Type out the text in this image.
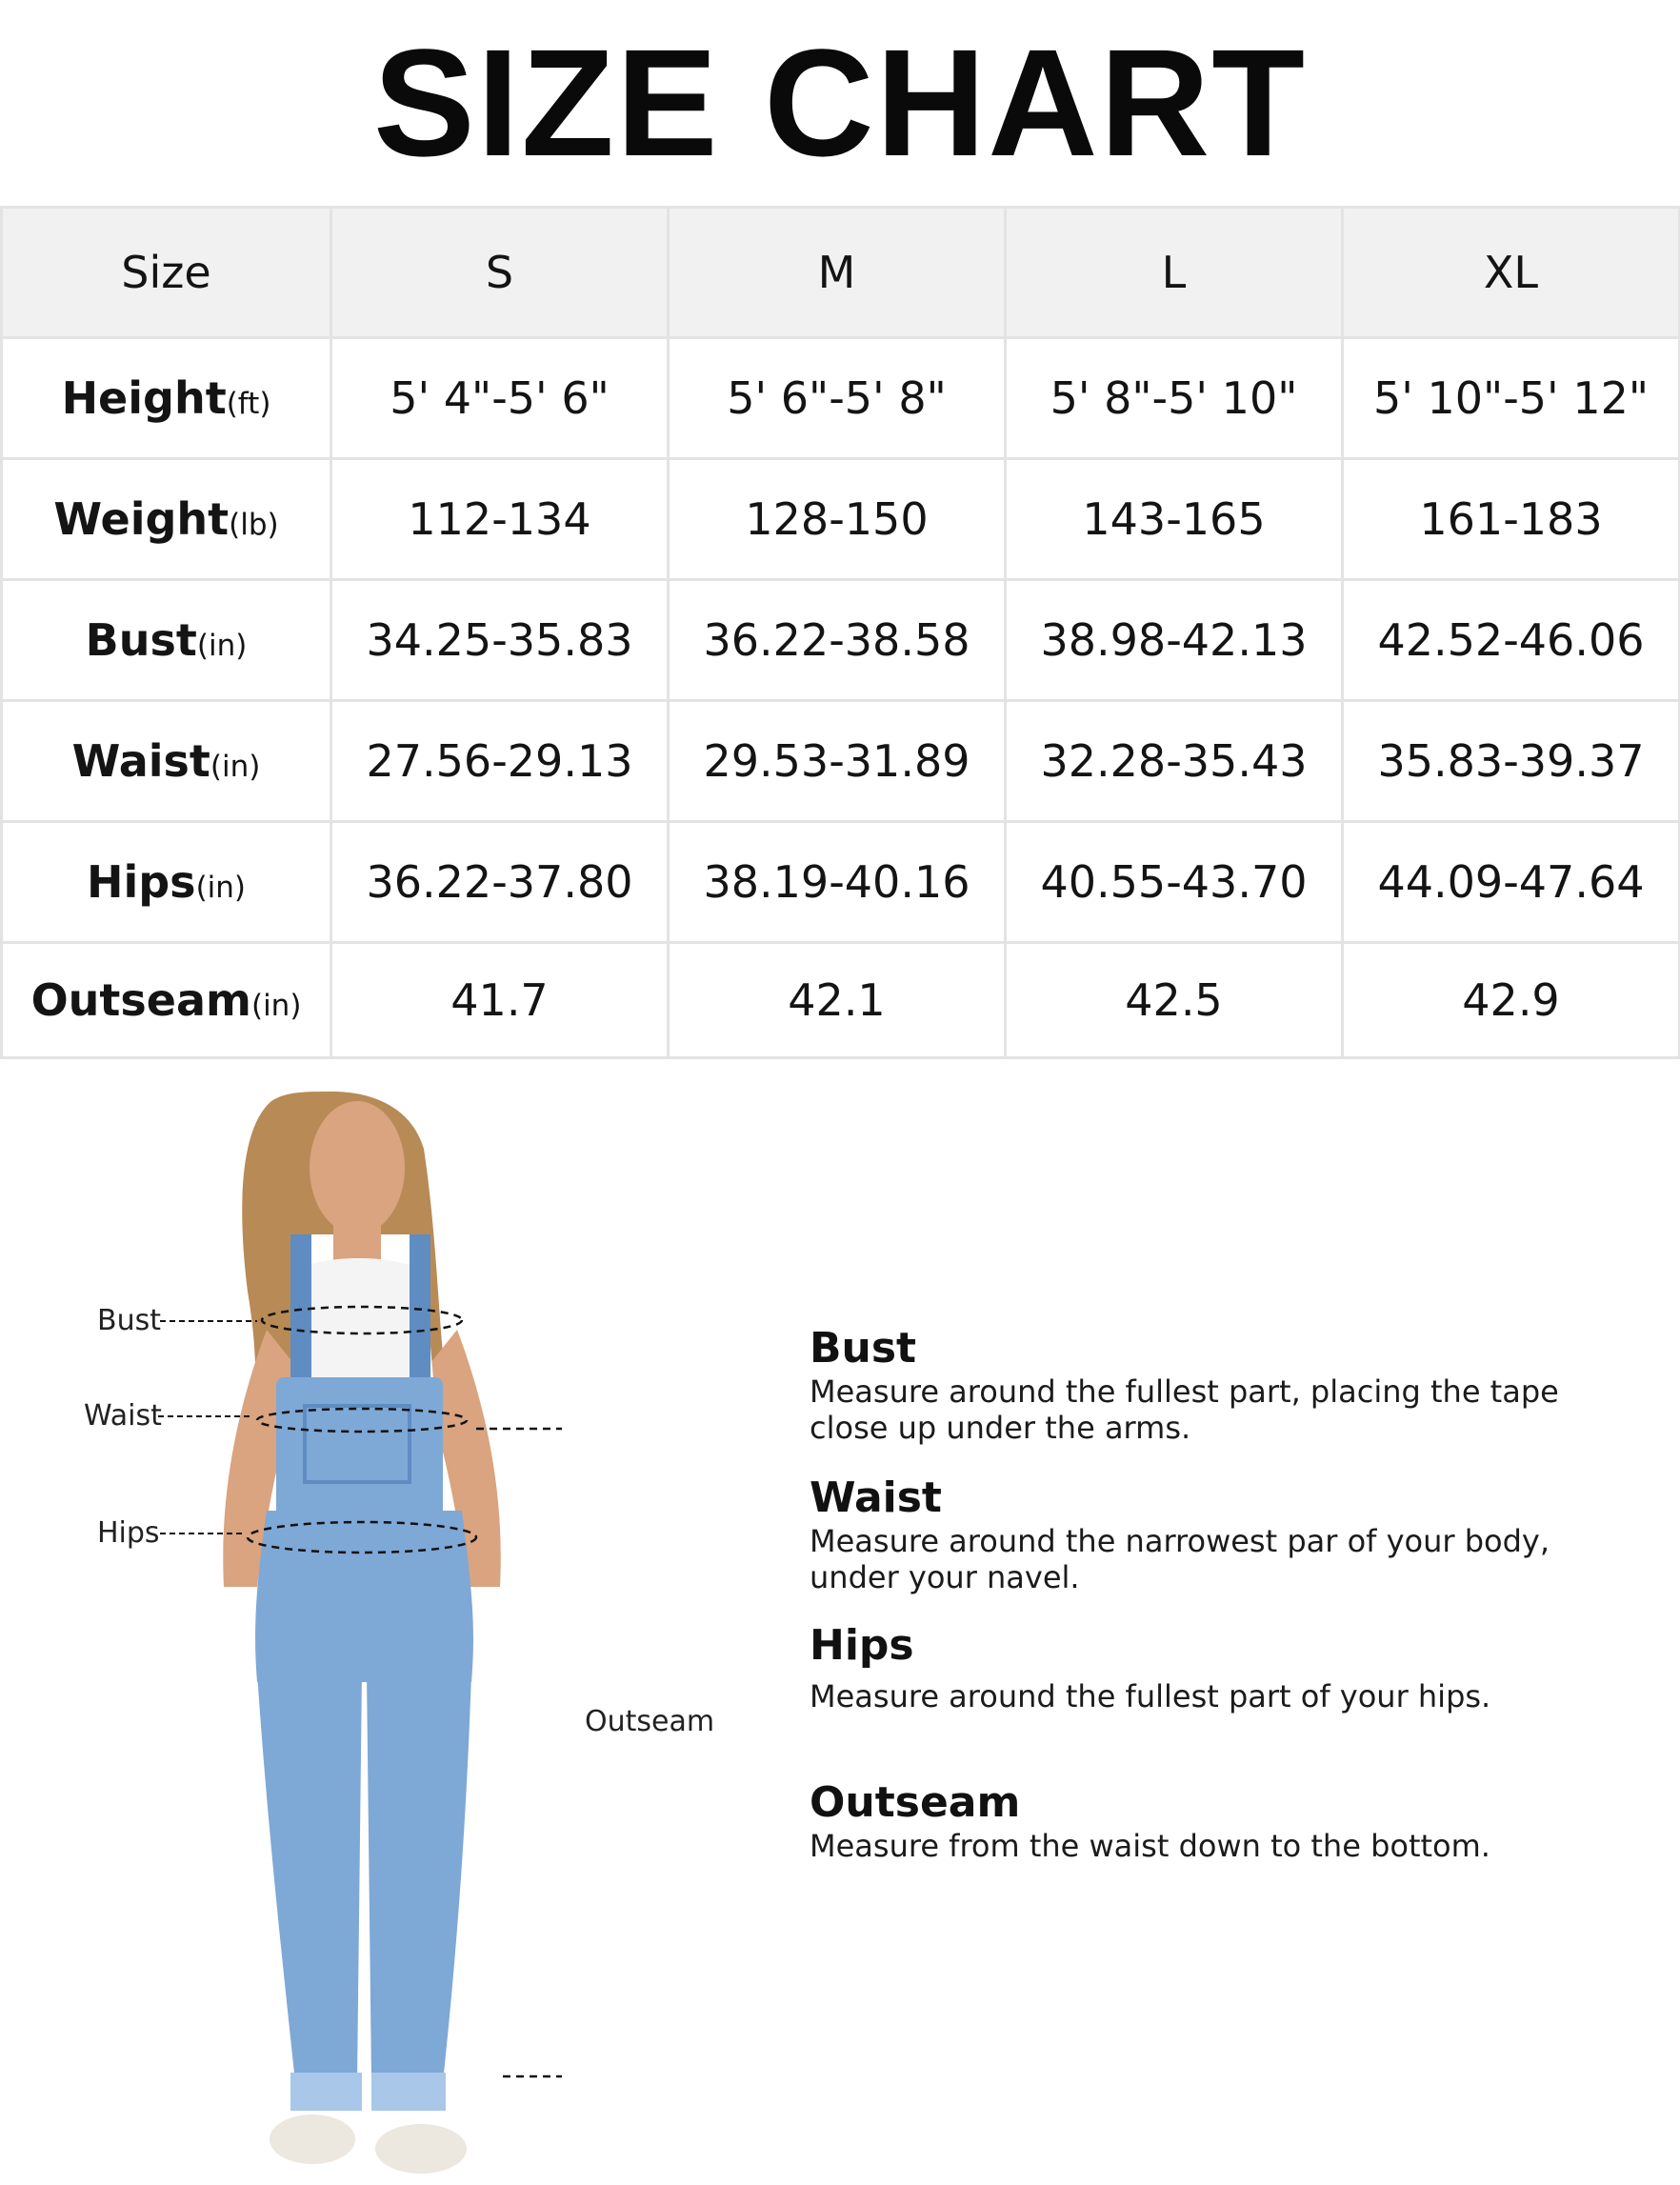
SIZE CHART
Size	S	M	L	XL
Height(ft)	5' 4"-5' 6"	5' 6"-5' 8"	5' 8"-5' 10"	5' 10"-5' 12"
Weight(lb)	112-134	128-150	143-165	161-183
Bust(in)	34.25-35.83	36.22-38.58	38.98-42.13	42.52-46.06
Waist(in)	27.56-29.13	29.53-31.89	32.28-35.43	35.83-39.37
Hips(in)	36.22-37.80	38.19-40.16	40.55-43.70	44.09-47.64
Outseam(in)	41.7	42.1	42.5	42.9
Bust
Waist
Hips
Outseam
Bust

Measure around the fullest part, placing the tape close up under the arms.

Waist

Measure around the narrowest par of your body, under your navel.

Hips

Measure around the fullest part of your hips.

Outseam

Measure from the waist down to the bottom.
